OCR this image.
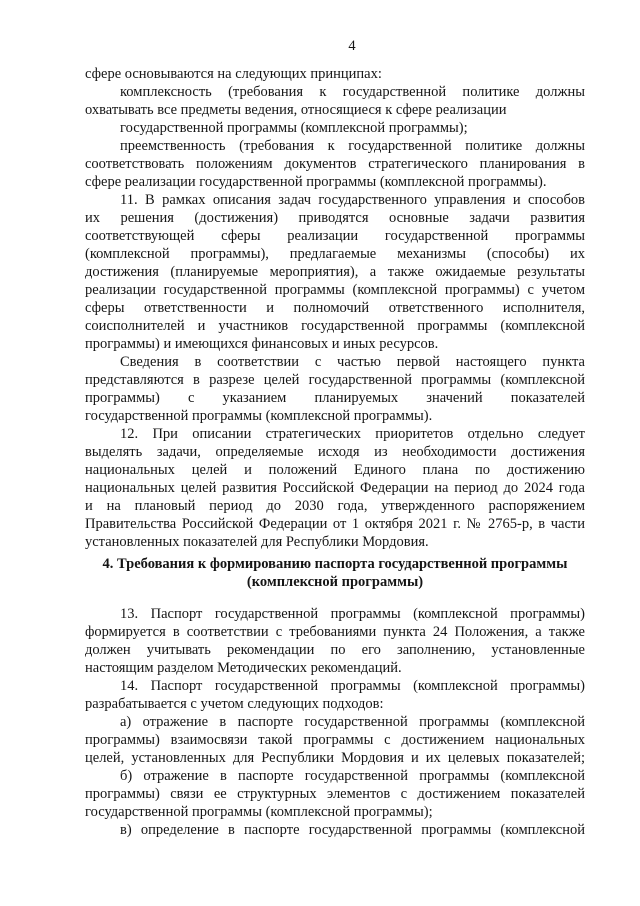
4
сфере основываются на следующих принципах:
комплексность (требования к государственной политике должны
охватывать все предметы ведения, относящиеся к сфере реализации
государственной программы (комплексной программы);
преемственность (требования к государственной политике должны
соответствовать положениям документов стратегического планирования в
сфере реализации государственной программы (комплексной программы).
11. В рамках описания задач государственного управления и способов
их решения (достижения) приводятся основные задачи развития
соответствующей сферы реализации государственной программы
(комплексной программы), предлагаемые механизмы (способы) их
достижения (планируемые мероприятия), а также ожидаемые результаты
реализации государственной программы (комплексной программы) с учетом
сферы ответственности и полномочий ответственного исполнителя,
соисполнителей и участников государственной программы (комплексной
программы) и имеющихся финансовых и иных ресурсов.
Сведения в соответствии с частью первой настоящего пункта
представляются в разрезе целей государственной программы (комплексной
программы) с указанием планируемых значений показателей
государственной программы (комплексной программы).
12. При описании стратегических приоритетов отдельно следует
выделять задачи, определяемые исходя из необходимости достижения
национальных целей и положений Единого плана по достижению
национальных целей развития Российской Федерации на период до 2024 года
и на плановый период до 2030 года, утвержденного распоряжением
Правительства Российской Федерации от 1 октября 2021 г. № 2765-р, в части
установленных показателей для Республики Мордовия.
4. Требования к формированию паспорта государственной программы
(комплексной программы)
13. Паспорт государственной программы (комплексной программы)
формируется в соответствии с требованиями пункта 24 Положения, а также
должен учитывать рекомендации по его заполнению, установленные
настоящим разделом Методических рекомендаций.
14. Паспорт государственной программы (комплексной программы)
разрабатывается с учетом следующих подходов:
а) отражение в паспорте государственной программы (комплексной
программы) взаимосвязи такой программы с достижением национальных
целей, установленных для Республики Мордовия и их целевых показателей;
б) отражение в паспорте государственной программы (комплексной
программы) связи ее структурных элементов с достижением показателей
государственной программы (комплексной программы);
в) определение в паспорте государственной программы (комплексной
